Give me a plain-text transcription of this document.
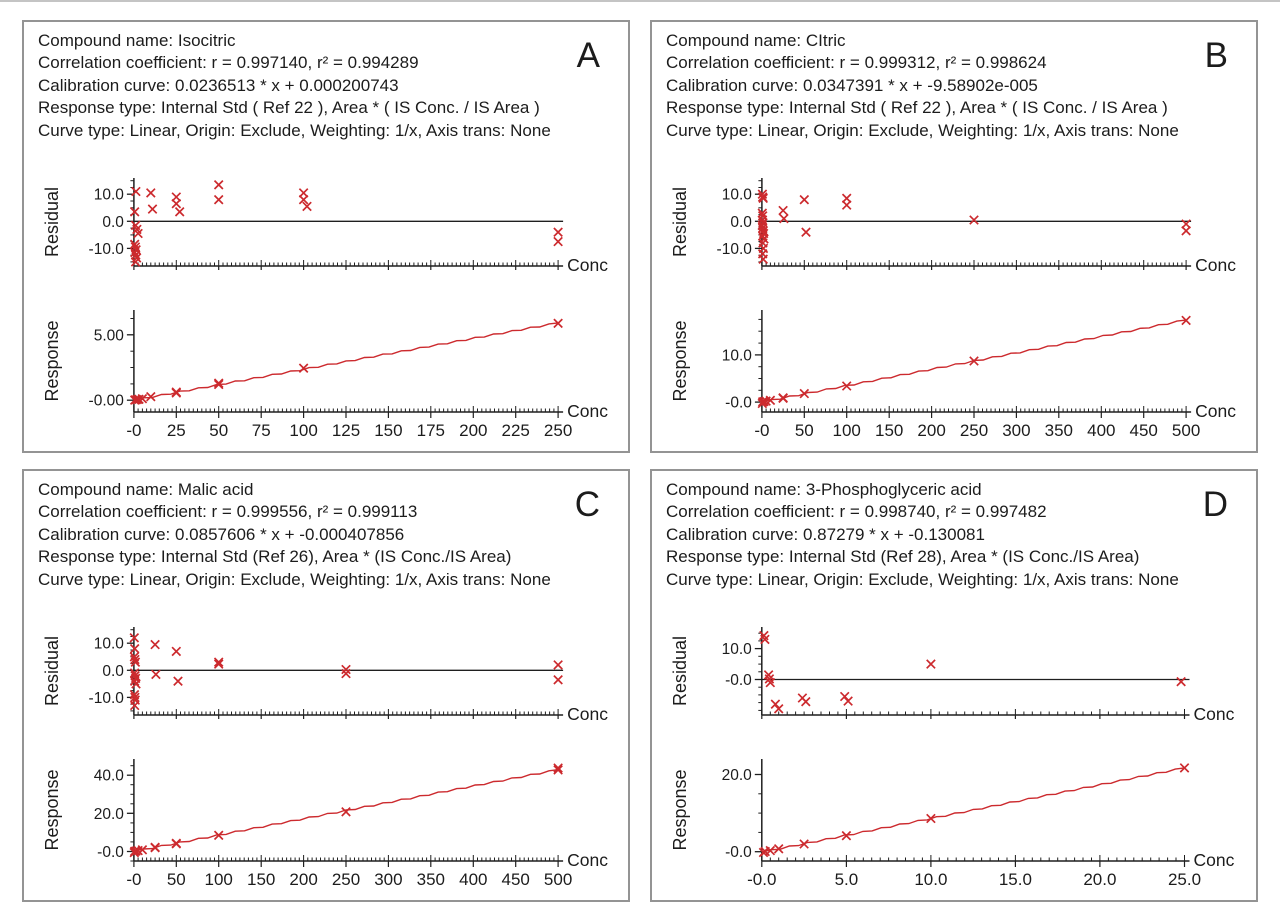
Compound name: Isocitric
Correlation coefficient: r = 0.997140, r² = 0.994289
Calibration curve: 0.0236513 * x + 0.000200743
Response type: Internal Std ( Ref 22 ), Area * ( IS Conc. / IS Area )
Curve type: Linear, Origin: Exclude, Weighting: 1/x, Axis trans: None
A
10.0
0.0
-10.0
Conc
Residual
-0 25 50 75 100 125 150 175 200 225 250
5.00
-0.00	Conc
Response
Compound name: CItric
Correlation coefficient: r = 0.999312, r² = 0.998624
Calibration curve: 0.0347391 * x + -9.58902e-005
Response type: Internal Std ( Ref 22 ), Area * ( IS Conc. / IS Area )
Curve type: Linear, Origin: Exclude, Weighting: 1/x, Axis trans: None
B
10.0
0.0
-10.0
Conc
Residual
-0 50 100 150 200 250 300 350 400 450 500
10.0
-0.0	Conc
Response
Compound name: Malic acid
Correlation coefficient: r = 0.999556, r² = 0.999113
Calibration curve: 0.0857606 * x + -0.000407856
Response type: Internal Std (Ref 26), Area * (IS Conc./IS Area)
Curve type: Linear, Origin: Exclude, Weighting: 1/x, Axis trans: None
C
10.0
0.0
-10.0
Conc
Residual
-0 50 100 150 200 250 300 350 400 450 500
40.0
20.0
-0.0	Conc
Response
Compound name: 3-Phosphoglyceric acid
Correlation coefficient: r = 0.998740, r² = 0.997482
Calibration curve: 0.87279 * x + -0.130081
Response type: Internal Std (Ref 28), Area * (IS Conc./IS Area)
Curve type: Linear, Origin: Exclude, Weighting: 1/x, Axis trans: None
D
10.0
-0.0
Conc
Residual
-0.0	5.0	10.0	15.0	20.0	25.0
20.0
-0.0	Conc
Response
